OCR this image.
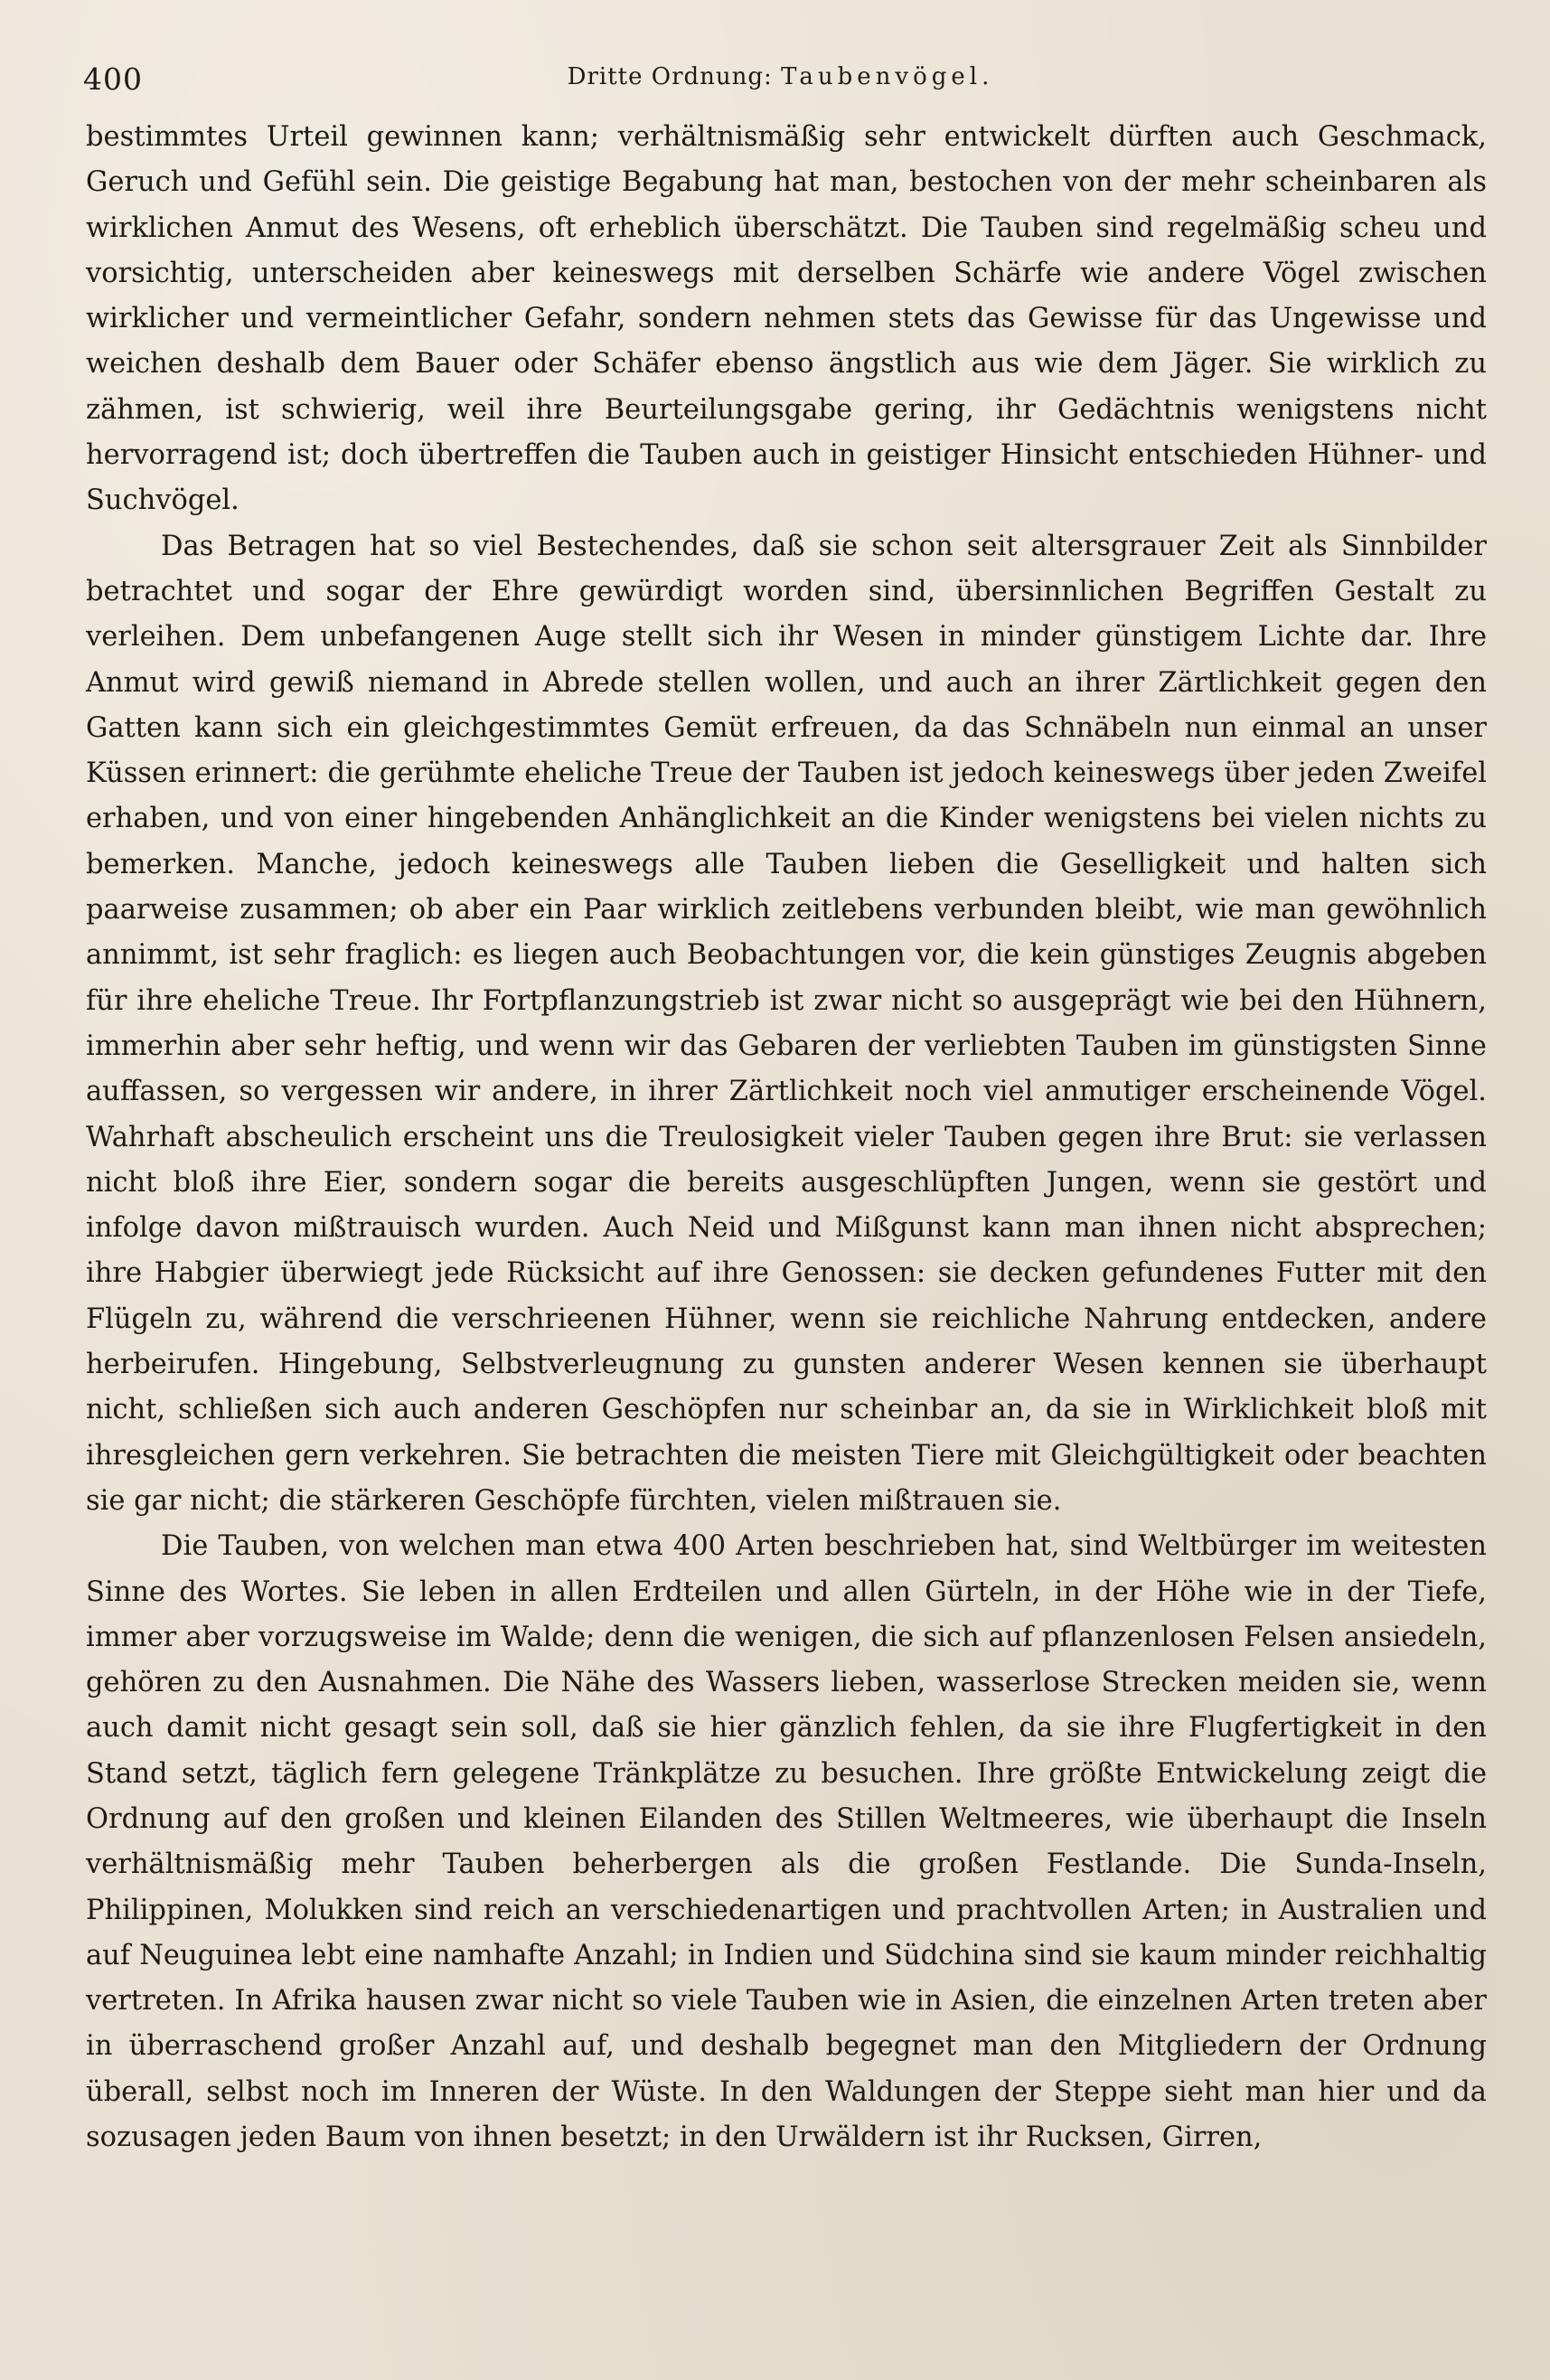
400	Dritte Ordnung: Taubenvögel.

bestimmtes Urteil gewinnen kann; verhältnismäßig sehr entwickelt dürften auch Geschmack, Geruch und Gefühl sein. Die geistige Begabung hat man, bestochen von der mehr scheinbaren als wirklichen Anmut des Wesens, oft erheblich überschätzt. Die Tauben sind regelmäßig scheu und vorsichtig, unterscheiden aber keineswegs mit derselben Schärfe wie andere Vögel zwischen wirklicher und vermeintlicher Gefahr, sondern nehmen stets das Gewisse für das Ungewisse und weichen deshalb dem Bauer oder Schäfer ebenso ängstlich aus wie dem Jäger. Sie wirklich zu zähmen, ist schwierig, weil ihre Beurteilungsgabe gering, ihr Gedächtnis wenigstens nicht hervorragend ist; doch übertreffen die Tauben auch in geistiger Hinsicht entschieden Hühner- und Suchvögel.

Das Betragen hat so viel Bestechendes, daß sie schon seit altersgrauer Zeit als Sinnbilder betrachtet und sogar der Ehre gewürdigt worden sind, übersinnlichen Begriffen Gestalt zu verleihen. Dem unbefangenen Auge stellt sich ihr Wesen in minder günstigem Lichte dar. Ihre Anmut wird gewiß niemand in Abrede stellen wollen, und auch an ihrer Zärtlichkeit gegen den Gatten kann sich ein gleichgestimmtes Gemüt erfreuen, da das Schnäbeln nun einmal an unser Küssen erinnert: die gerühmte eheliche Treue der Tauben ist jedoch keineswegs über jeden Zweifel erhaben, und von einer hingebenden Anhänglichkeit an die Kinder wenigstens bei vielen nichts zu bemerken. Manche, jedoch keineswegs alle Tauben lieben die Geselligkeit und halten sich paarweise zusammen; ob aber ein Paar wirklich zeitlebens verbunden bleibt, wie man gewöhnlich annimmt, ist sehr fraglich: es liegen auch Beobachtungen vor, die kein günstiges Zeugnis abgeben für ihre eheliche Treue. Ihr Fortpflanzungstrieb ist zwar nicht so ausgeprägt wie bei den Hühnern, immerhin aber sehr heftig, und wenn wir das Gebaren der verliebten Tauben im günstigsten Sinne auffassen, so vergessen wir andere, in ihrer Zärtlichkeit noch viel anmutiger erscheinende Vögel. Wahrhaft abscheulich erscheint uns die Treulosigkeit vieler Tauben gegen ihre Brut: sie verlassen nicht bloß ihre Eier, sondern sogar die bereits ausgeschlüpften Jungen, wenn sie gestört und infolge davon mißtrauisch wurden. Auch Neid und Mißgunst kann man ihnen nicht absprechen; ihre Habgier überwiegt jede Rücksicht auf ihre Genossen: sie decken gefundenes Futter mit den Flügeln zu, während die verschrieenen Hühner, wenn sie reichliche Nahrung entdecken, andere herbeirufen. Hingebung, Selbstverleugnung zu gunsten anderer Wesen kennen sie überhaupt nicht, schließen sich auch anderen Geschöpfen nur scheinbar an, da sie in Wirklichkeit bloß mit ihresgleichen gern verkehren. Sie betrachten die meisten Tiere mit Gleichgültigkeit oder beachten sie gar nicht; die stärkeren Geschöpfe fürchten, vielen mißtrauen sie.

Die Tauben, von welchen man etwa 400 Arten beschrieben hat, sind Weltbürger im weitesten Sinne des Wortes. Sie leben in allen Erdteilen und allen Gürteln, in der Höhe wie in der Tiefe, immer aber vorzugsweise im Walde; denn die wenigen, die sich auf pflanzenlosen Felsen ansiedeln, gehören zu den Ausnahmen. Die Nähe des Wassers lieben, wasserlose Strecken meiden sie, wenn auch damit nicht gesagt sein soll, daß sie hier gänzlich fehlen, da sie ihre Flugfertigkeit in den Stand setzt, täglich fern gelegene Tränkplätze zu besuchen. Ihre größte Entwickelung zeigt die Ordnung auf den großen und kleinen Eilanden des Stillen Weltmeeres, wie überhaupt die Inseln verhältnismäßig mehr Tauben beherbergen als die großen Festlande. Die Sunda-Inseln, Philippinen, Molukken sind reich an verschiedenartigen und prachtvollen Arten; in Australien und auf Neuguinea lebt eine namhafte Anzahl; in Indien und Südchina sind sie kaum minder reichhaltig vertreten. In Afrika hausen zwar nicht so viele Tauben wie in Asien, die einzelnen Arten treten aber in überraschend großer Anzahl auf, und deshalb begegnet man den Mitgliedern der Ordnung überall, selbst noch im Inneren der Wüste. In den Waldungen der Steppe sieht man hier und da sozusagen jeden Baum von ihnen besetzt; in den Urwäldern ist ihr Rucksen, Girren,
